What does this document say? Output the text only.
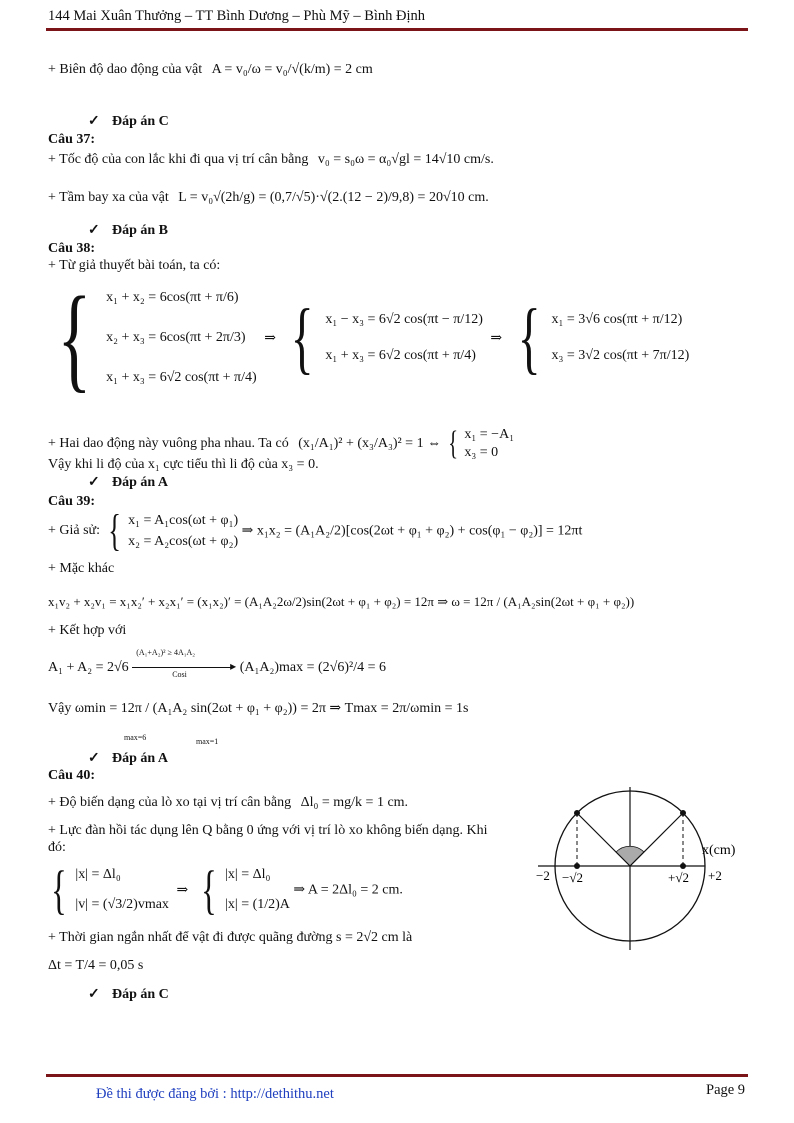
144 Mai Xuân Thưởng – TT Bình Dương – Phù Mỹ – Bình Định
+ Biên độ dao động của vật A = v₀/ω = v₀/√(k/m) = 2 cm
✓ Đáp án C
Câu 37:
+ Tốc độ của con lắc khi đi qua vị trí cân bằng v₀ = s₀ω = α₀√gl = 14√10 cm/s.
+ Tầm bay xa của vật L = v₀√(2h/g) = (0,7/√5)·√(2.(12 − 2)/9,8) = 20√10 cm.
✓ Đáp án B
Câu 38:
+ Từ giả thuyết bài toán, ta có:
{ x₁ + x₂ = 6cos(πt + π/6)
x₂ + x₃ = 6cos(πt + 2π/3)
x₁ + x₃ = 6√2 cos(πt + π/4)
⇒ { x₁ − x₃ = 6√2 cos(πt − π/12)
x₁ + x₃ = 6√2 cos(πt + π/4)
⇒ { x₁ = 3√6 cos(πt + π/12)
x₃ = 3√2 cos(πt + 7π/12)
+ Hai dao động này vuông pha nhau. Ta có (x₁/A₁)² + (x₃/A₃)² = 1 ⇔ { x₁ = −A₁
x₃ = 0
Vậy khi li độ của x₁ cực tiểu thì li độ của x₃ = 0.
✓ Đáp án A
Câu 39:
+ Giả sử: { x₁ = A₁cos(ωt + φ₁)
x₂ = A₂cos(ωt + φ₂)
⇒ x₁x₂ = (A₁A₂/2)[cos(2ωt + φ₁ + φ₂) + cos(φ₁ − φ₂)] = 12πt
+ Mặc khác
x₁v₂ + x₂v₁ = x₁x₂′ + x₂x₁′ = (x₁x₂)′ = (A₁A₂2ω/2)sin(2ωt + φ₁ + φ₂) = 12π ⇒ ω = 12π / (A₁A₂sin(2ωt + φ₁ + φ₂))
+ Kết hợp với
A₁ + A₂ = 2√6
(A₁+A₂)² ≥ 4A₁A₂
▸
Cosi	(A₁A₂)max = (2√6)²/4 = 6
Vậy ωmin = 12π / (A₁A₂ sin(2ωt + φ₁ + φ₂)) = 2π ⇒ Tmax = 2π/ωmin = 1s
max=6	max=1
✓ Đáp án A
Câu 40:
+ Độ biến dạng của lò xo tại vị trí cân bằng Δl₀ = mg/k = 1 cm.
+ Lực đàn hồi tác dụng lên Q bằng 0 ứng với vị trí lò xo không biến dạng. Khi
đó:
{ |x| = Δl₀
|v| = (√3/2)vmax
⇒ { |x| = Δl₀
|x| = (1/2)A
⇒ A = 2Δl₀ = 2 cm.
+ Thời gian ngắn nhất để vật đi được quãng đường s = 2√2 cm là
Δt = T/4 = 0,05 s
✓ Đáp án C
x(cm)
−2 −√2	+√2 +2
Page 9
Đề thi được đăng bởi : http://dethithu.net
